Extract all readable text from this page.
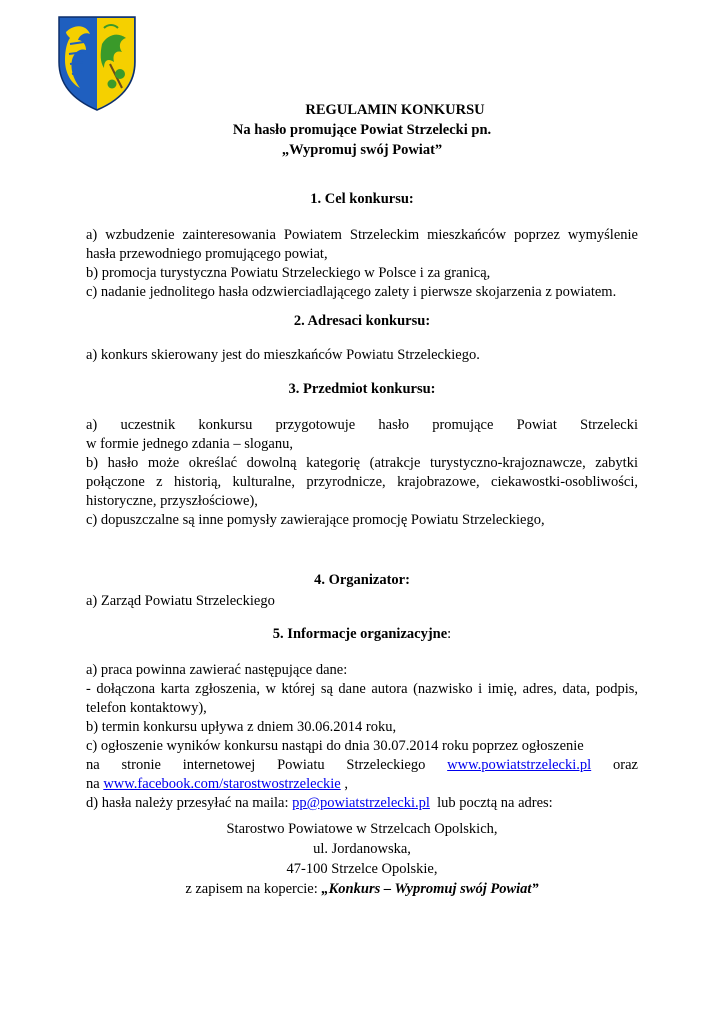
REGULAMIN KONKURSU
Na hasło promujące Powiat Strzelecki pn.
„Wypromuj swój Powiat”
1. Cel konkursu:
a) wzbudzenie zainteresowania Powiatem Strzeleckim mieszkańców poprzez wymyślenie
hasła przewodniego promującego powiat,
b) promocja turystyczna Powiatu Strzeleckiego w Polsce i za granicą,
c) nadanie jednolitego hasła odzwierciadlającego zalety i pierwsze skojarzenia z powiatem.
2. Adresaci konkursu:
a) konkurs skierowany jest do mieszkańców Powiatu Strzeleckiego.
3. Przedmiot konkursu:
a) uczestnik konkursu przygotowuje hasło promujące Powiat Strzelecki
w formie jednego zdania – sloganu,
b) hasło może określać dowolną kategorię (atrakcje turystyczno-krajoznawcze, zabytki
połączone z historią, kulturalne, przyrodnicze, krajobrazowe, ciekawostki-osobliwości,
historyczne, przyszłościowe),
c) dopuszczalne są inne pomysły zawierające promocję Powiatu Strzeleckiego,
4. Organizator:
a) Zarząd Powiatu Strzeleckiego
5. Informacje organizacyjne:
a) praca powinna zawierać następujące dane:
- dołączona karta zgłoszenia, w której są dane autora (nazwisko i imię, adres, data, podpis,
telefon kontaktowy),
b) termin konkursu upływa z dniem 30.06.2014 roku,
c) ogłoszenie wyników konkursu nastąpi do dnia 30.07.2014 roku poprzez ogłoszenie
na stronie internetowej Powiatu Strzeleckiego www.powiatstrzelecki.pl oraz
na www.facebook.com/starostwostrzeleckie ,
d) hasła należy przesyłać na maila: pp@powiatstrzelecki.pl  lub pocztą na adres:
Starostwo Powiatowe w Strzelcach Opolskich,
ul. Jordanowska,
47-100 Strzelce Opolskie,
z zapisem na kopercie: „Konkurs – Wypromuj swój Powiat”
